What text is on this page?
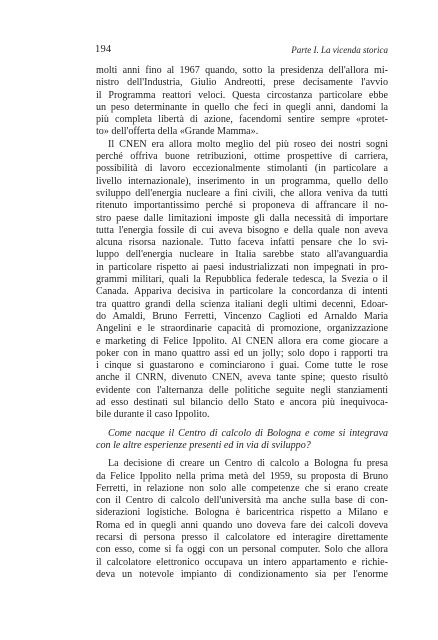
194	Parte I. La vicenda storica
molti anni fino al 1967 quando, sotto la presidenza dell'allora mi-
nistro dell'Industria, Giulio Andreotti, prese decisamente l'avvio
il Programma reattori veloci. Questa circostanza particolare ebbe
un peso determinante in quello che feci in quegli anni, dandomi la
più completa libertà di azione, facendomi sentire sempre «protet-
to» dell'offerta della «Grande Mamma».
Il CNEN era allora molto meglio del più roseo dei nostri sogni
perché offriva buone retribuzioni, ottime prospettive di carriera,
possibilità di lavoro eccezionalmente stimolanti (in particolare a
livello internazionale), inserimento in un programma, quello dello
sviluppo dell'energia nucleare a fini civili, che allora veniva da tutti
ritenuto importantissimo perché si proponeva di affrancare il no-
stro paese dalle limitazioni imposte gli dalla necessità di importare
tutta l'energia fossile di cui aveva bisogno e della quale non aveva
alcuna risorsa nazionale. Tutto faceva infatti pensare che lo svi-
luppo dell'energia nucleare in Italia sarebbe stato all'avanguardia
in particolare rispetto ai paesi industrializzati non impegnati in pro-
grammi militari, quali la Repubblica federale tedesca, la Svezia o il
Canada. Appariva decisiva in particolare la concordanza di intenti
tra quattro grandi della scienza italiani degli ultimi decenni, Edoar-
do Amaldi, Bruno Ferretti, Vincenzo Caglioti ed Arnaldo Maria
Angelini e le straordinarie capacità di promozione, organizzazione
e marketing di Felice Ippolito. Al CNEN allora era come giocare a
poker con in mano quattro assi ed un jolly; solo dopo i rapporti tra
i cinque si guastarono e cominciarono i guai. Come tutte le rose
anche il CNRN, divenuto CNEN, aveva tante spine; questo risultò
evidente con l'alternanza delle politiche seguite negli stanziamenti
ad esso destinati sul bilancio dello Stato e ancora più inequivoca-
bile durante il caso Ippolito.
Come nacque il Centro di calcolo di Bologna e come si integrava
con le altre esperienze presenti ed in via di sviluppo?
La decisione di creare un Centro di calcolo a Bologna fu presa
da Felice Ippolito nella prima metà del 1959, su proposta di Bruno
Ferretti, in relazione non solo alle competenze che si erano create
con il Centro di calcolo dell'università ma anche sulla base di con-
siderazioni logistiche. Bologna è baricentrica rispetto a Milano e
Roma ed in quegli anni quando uno doveva fare dei calcoli doveva
recarsi di persona presso il calcolatore ed interagire direttamente
con esso, come si fa oggi con un personal computer. Solo che allora
il calcolatore elettronico occupava un intero appartamento e richie-
deva un notevole impianto di condizionamento sia per l'enorme
